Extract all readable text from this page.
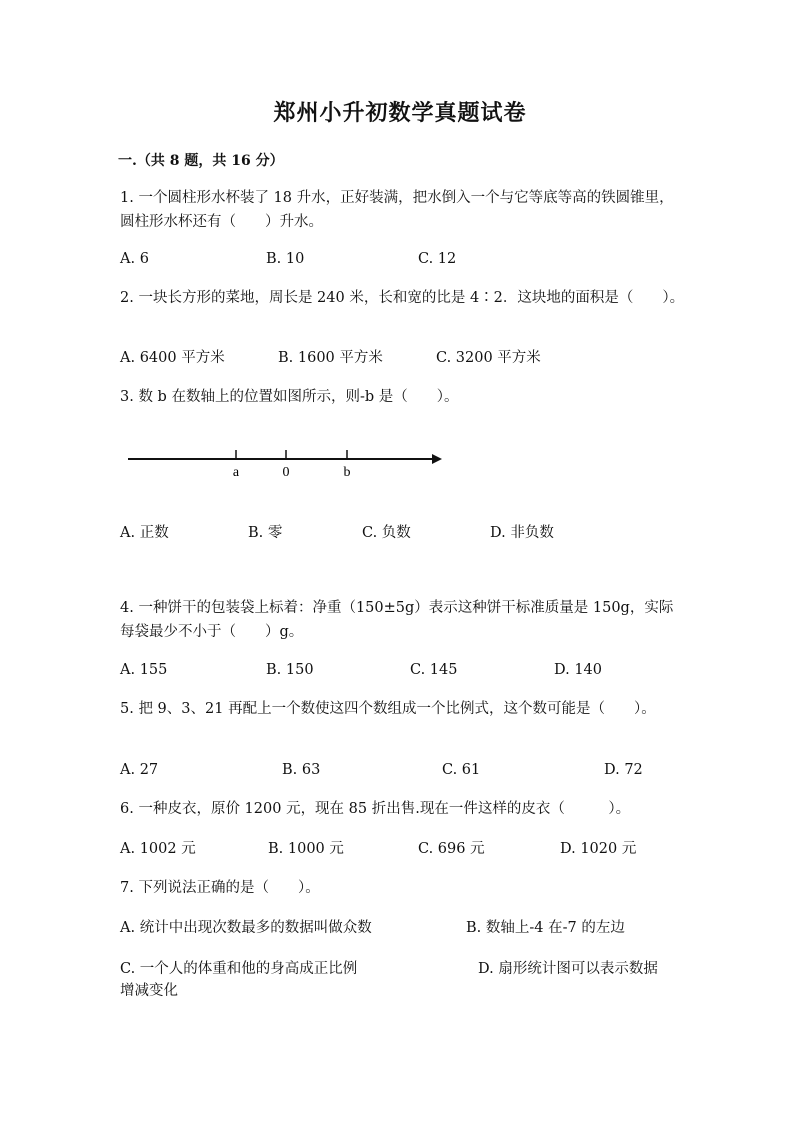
郑州小升初数学真题试卷
一.（共 8 题，共 16 分）
1. 一个圆柱形水杯装了 18 升水，正好装满，把水倒入一个与它等底等高的铁圆锥里，圆柱形水杯还有（　　）升水。
A. 6	B. 10	C. 12
2. 一块长方形的菜地，周长是 240 米，长和宽的比是 4∶2．这块地的面积是（　　）。
A. 6400 平方米	B. 1600 平方米	C. 3200 平方米
3. 数 b 在数轴上的位置如图所示，则-b 是（　　）。
a	0	b
A. 正数	B. 零	C. 负数	D. 非负数
4. 一种饼干的包装袋上标着：净重（150±5g）表示这种饼干标准质量是 150g，实际每袋最少不小于（　　）g。
A. 155	B. 150	C. 145	D. 140
5. 把 9、3、21 再配上一个数使这四个数组成一个比例式，这个数可能是（　　）。
A. 27	B. 63	C. 61	D. 72
6. 一种皮衣，原价 1200 元，现在 85 折出售.现在一件这样的皮衣（　　　）。
A. 1002 元	B. 1000 元	C. 696 元	D. 1020 元
7. 下列说法正确的是（　　）。
A. 统计中出现次数最多的数据叫做众数	B. 数轴上-4 在-7 的左边
C. 一个人的体重和他的身高成正比例	D. 扇形统计图可以表示数据增减变化
